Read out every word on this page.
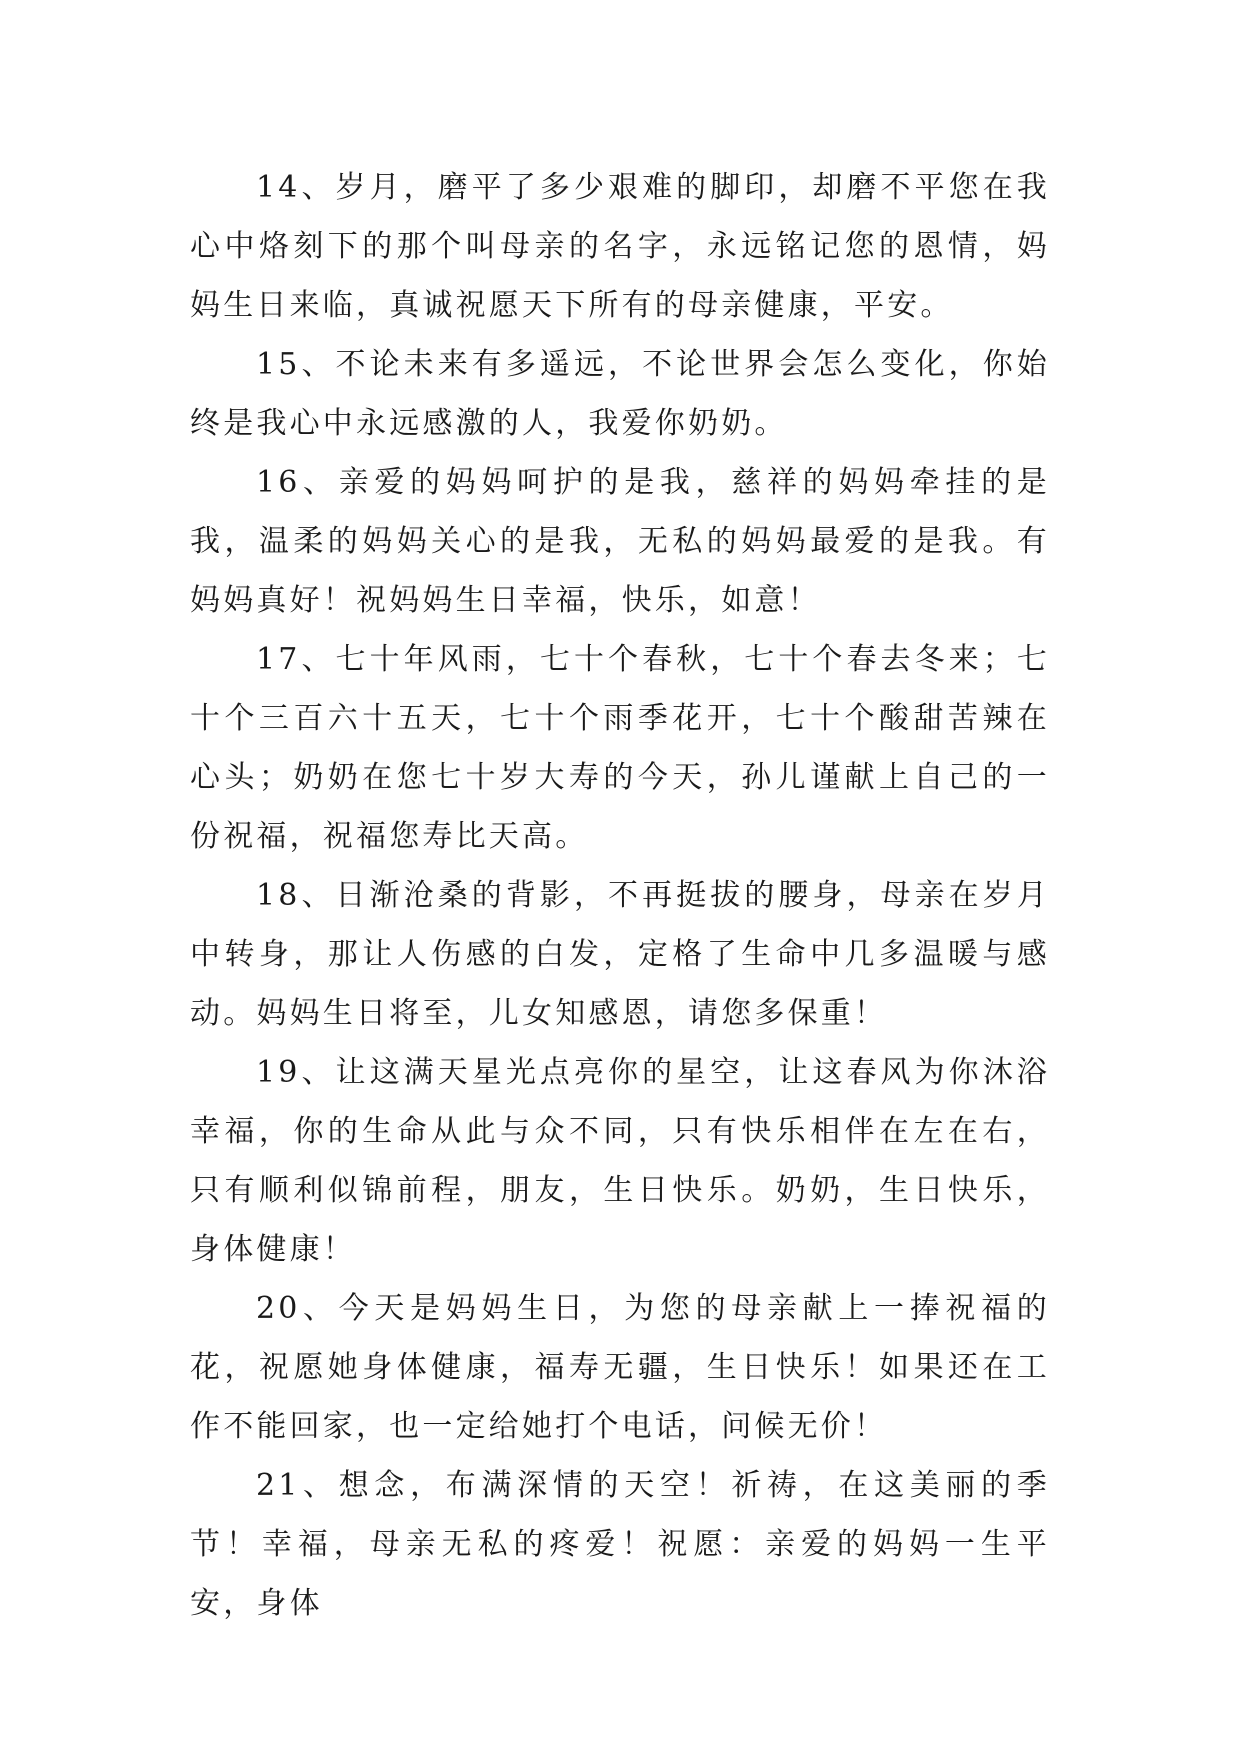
14、岁月，磨平了多少艰难的脚印，却磨不平您在我心中烙刻下的那个叫母亲的名字，永远铭记您的恩情，妈妈生日来临，真诚祝愿天下所有的母亲健康，平安。

15、不论未来有多遥远，不论世界会怎么变化，你始终是我心中永远感激的人，我爱你奶奶。

16、亲爱的妈妈呵护的是我，慈祥的妈妈牵挂的是我，温柔的妈妈关心的是我，无私的妈妈最爱的是我。有妈妈真好！祝妈妈生日幸福，快乐，如意！

17、七十年风雨，七十个春秋，七十个春去冬来；七十个三百六十五天，七十个雨季花开，七十个酸甜苦辣在心头；奶奶在您七十岁大寿的今天，孙儿谨献上自己的一份祝福，祝福您寿比天高。

18、日渐沧桑的背影，不再挺拔的腰身，母亲在岁月中转身，那让人伤感的白发，定格了生命中几多温暖与感动。妈妈生日将至，儿女知感恩，请您多保重！

19、让这满天星光点亮你的星空，让这春风为你沐浴幸福，你的生命从此与众不同，只有快乐相伴在左在右，只有顺利似锦前程，朋友，生日快乐。奶奶，生日快乐，身体健康！

20、今天是妈妈生日，为您的母亲献上一捧祝福的花，祝愿她身体健康，福寿无疆，生日快乐！如果还在工作不能回家，也一定给她打个电话，问候无价！

21、想念，布满深情的天空！祈祷，在这美丽的季节！幸福，母亲无私的疼爱！祝愿：亲爱的妈妈一生平安，身体
